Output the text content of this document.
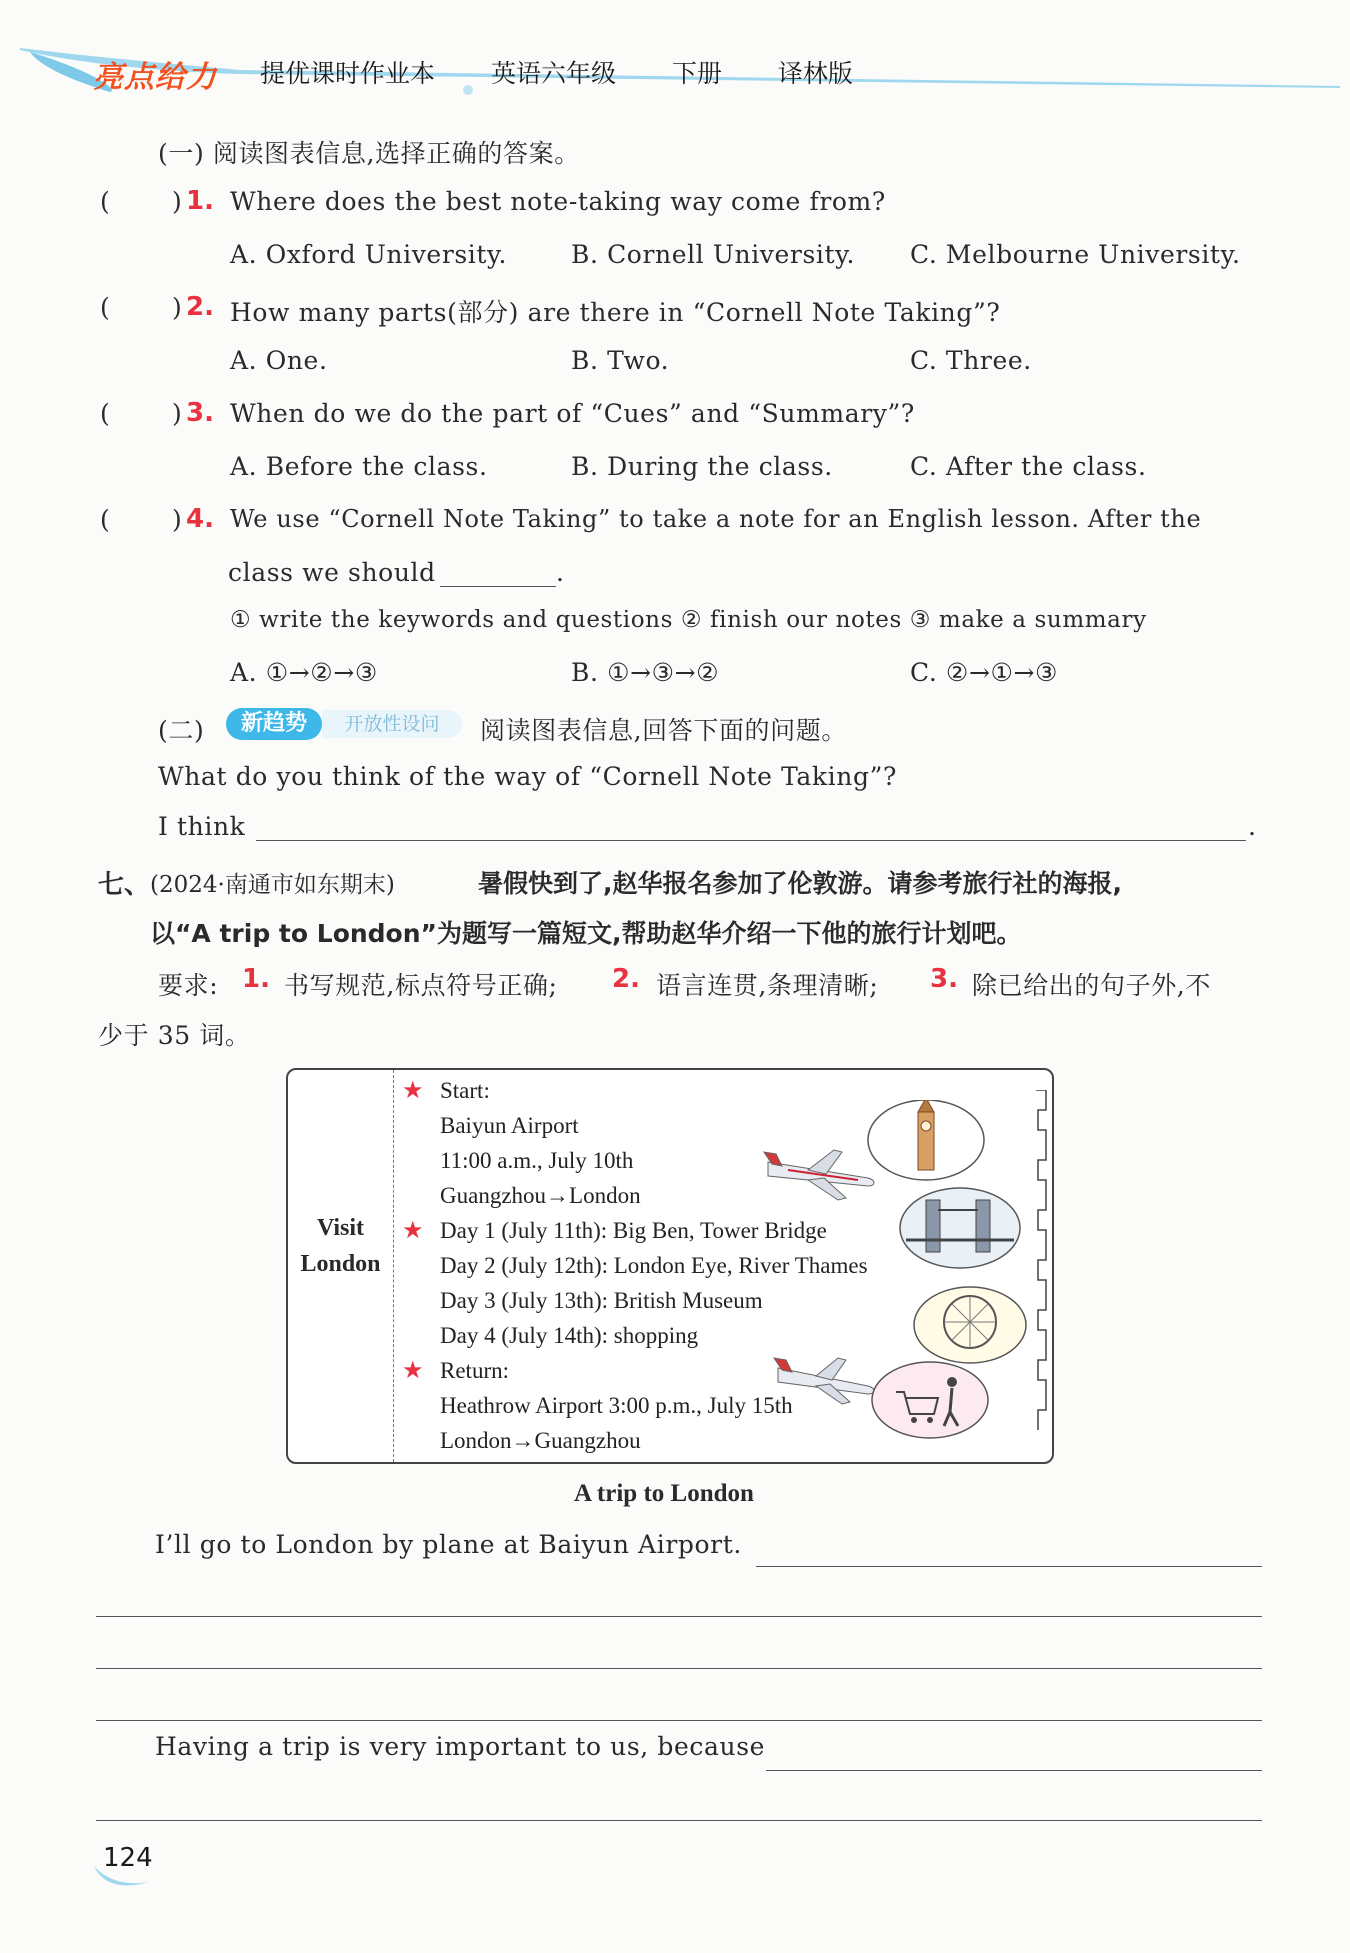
亮点给力 提优课时作业本 英语六年级 下册 译林版
(一) 阅读图表信息,选择正确的答案。
( ) 1. Where does the best note-taking way come from?
A. Oxford University.	B. Cornell University. C. Melbourne University.
( ) 2. How many parts(部分) are there in “Cornell Note Taking”?
A. One.	B. Two.	C. Three.
( ) 3. When do we do the part of “Cues” and “Summary”?
A. Before the class.	B. During the class.	C. After the class.
( ) 4. We use “Cornell Note Taking” to take a note for an English lesson. After the
class we should	.
① write the keywords and questions ② finish our notes ③ make a summary
A. ①→②→③	B. ①→③→②	C. ②→①→③
(二)	新趋势	开放性设问	阅读图表信息,回答下面的问题。
What do you think of the way of “Cornell Note Taking”?
I think	.
七、 (2024·南通市如东期末)	暑假快到了,赵华报名参加了伦敦游。请参考旅行社的海报,
以“A trip to London”为题写一篇短文,帮助赵华介绍一下他的旅行计划吧。
要求: 1. 书写规范,标点符号正确; 2. 语言连贯,条理清晰; 3. 除已给出的句子外,不
少于 35 词。
Visit
London
★
★
★
Start:
Baiyun Airport
11:00 a.m., July 10th
Guangzhou→London
Day 1 (July 11th): Big Ben, Tower Bridge
Day 2 (July 12th): London Eye, River Thames
Day 3 (July 13th): British Museum
Day 4 (July 14th): shopping
Return:
Heathrow Airport 3:00 p.m., July 15th
London→Guangzhou
A trip to London
I’ll go to London by plane at Baiyun Airport.
Having a trip is very important to us, because
124
